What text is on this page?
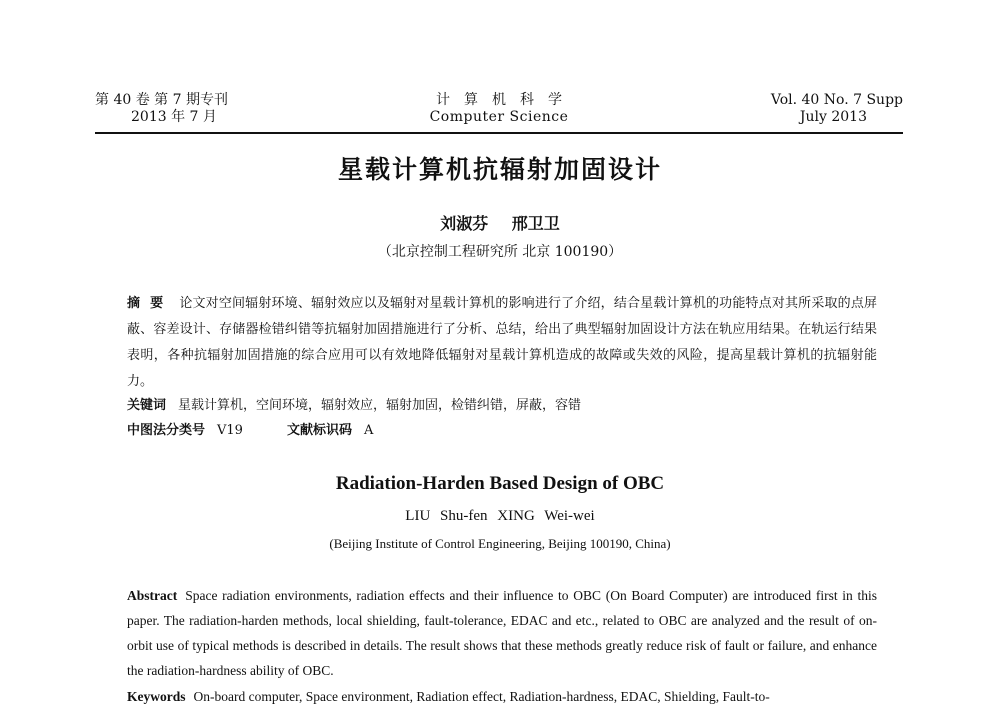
第 40 卷 第 7 期专刊
2013 年 7 月
计算机科学
Computer Science
Vol. 40 No. 7 Supp
July 2013
星载计算机抗辐射加固设计
刘淑芬 邢卫卫
（北京控制工程研究所 北京 100190）
摘要 论文对空间辐射环境、辐射效应以及辐射对星载计算机的影响进行了介绍，结合星载计算机的功能特点对其所采取的点屏蔽、容差设计、存储器检错纠错等抗辐射加固措施进行了分析、总结，给出了典型辐射加固设计方法在轨应用结果。在轨运行结果表明，各种抗辐射加固措施的综合应用可以有效地降低辐射对星载计算机造成的故障或失效的风险，提高星载计算机的抗辐射能力。
关键词 星载计算机，空间环境，辐射效应，辐射加固，检错纠错，屏蔽，容错
中图法分类号 V19	文献标识码 A
Radiation-Harden Based Design of OBC
LIU Shu-fen XING Wei-wei
(Beijing Institute of Control Engineering, Beijing 100190, China)
Abstract Space radiation environments, radiation effects and their influence to OBC (On Board Computer) are introduced first in this paper. The radiation-harden methods, local shielding, fault-tolerance, EDAC and etc., related to OBC are analyzed and the result of on-orbit use of typical methods is described in details. The result shows that these methods greatly reduce risk of fault or failure, and enhance the radiation-hardness ability of OBC.
Keywords On-board computer, Space environment, Radiation effect, Radiation-hardness, EDAC, Shielding, Fault-to-
